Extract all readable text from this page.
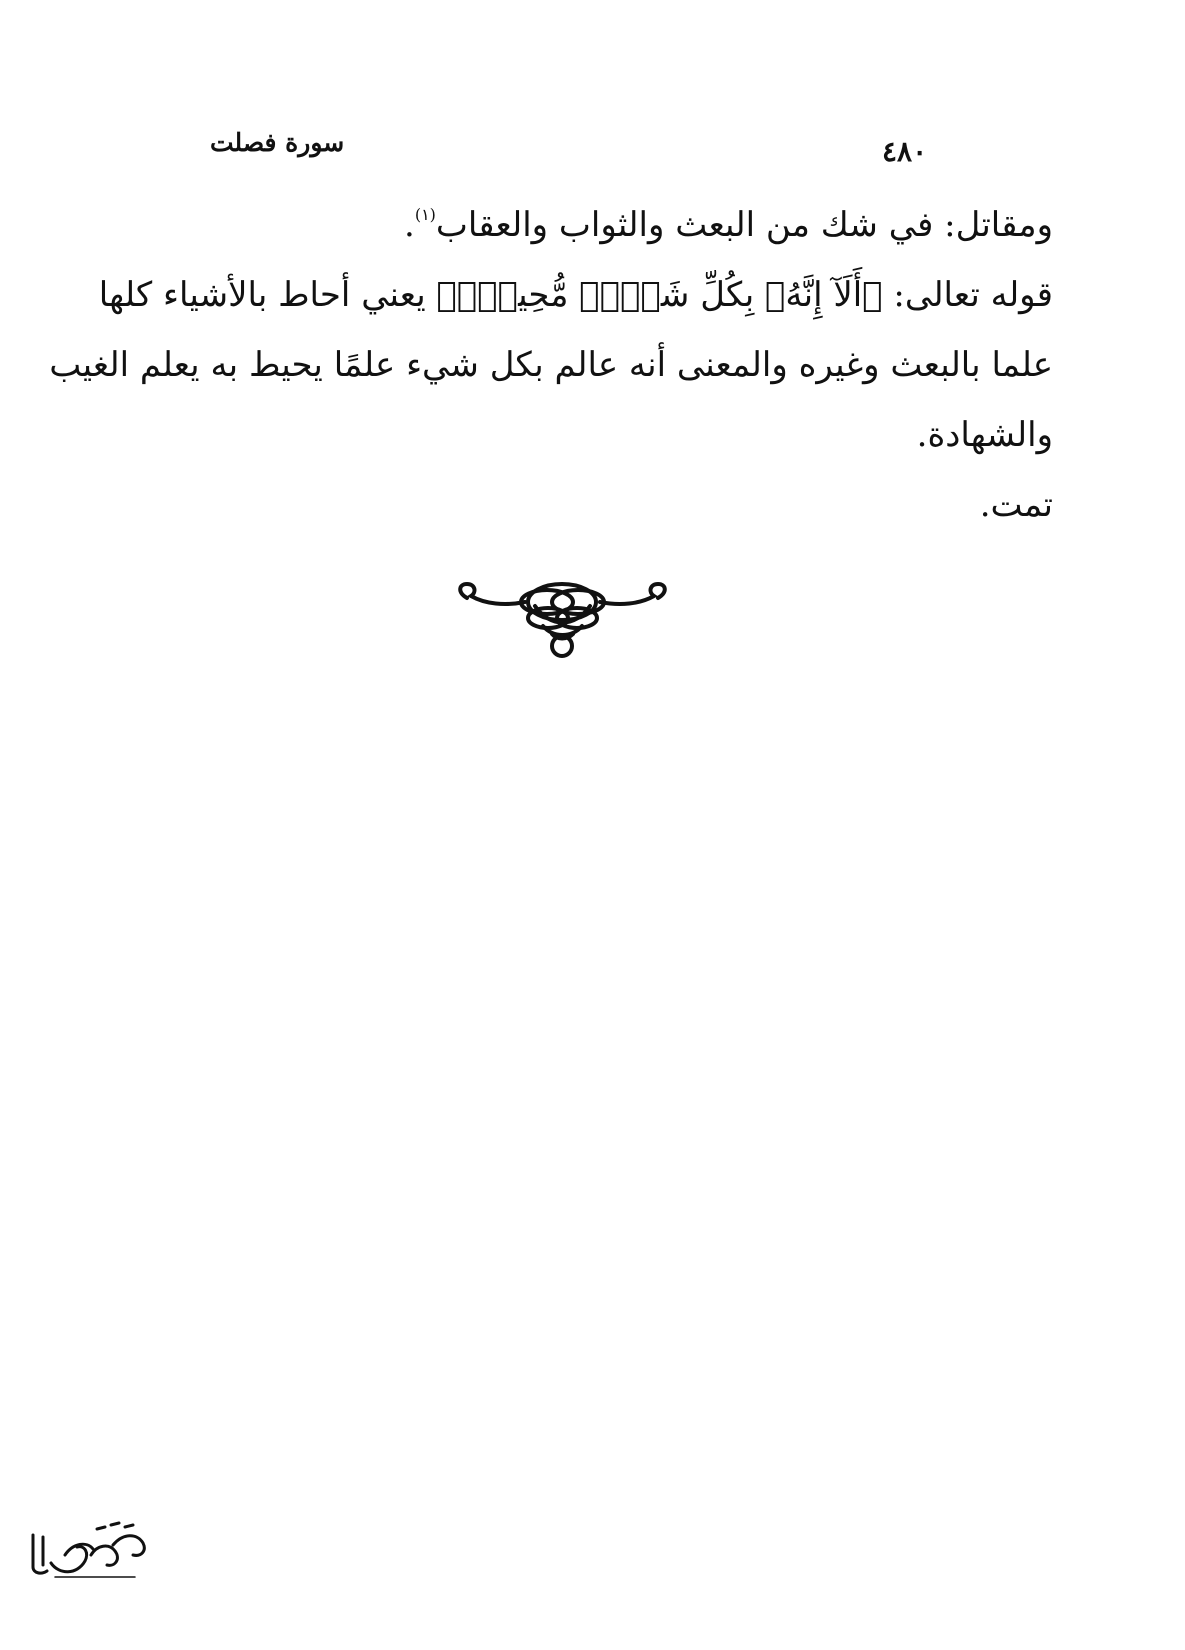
سورة فصلت	٤٨٠
ومقاتل: في شك من البعث والثواب والعقاب$^{(١)}$.
قوله تعالى: ﴿أَلَآ إِنَّهُۥ بِكُلِّ شَيۡءٖ مُّحِيطُۢ﴾ يعني أحاط بالأشياء كلها
علما بالبعث وغيره والمعنى أنه عالم بكل شيء علمًا يحيط به يعلم الغيب
والشهادة.
تمت.
